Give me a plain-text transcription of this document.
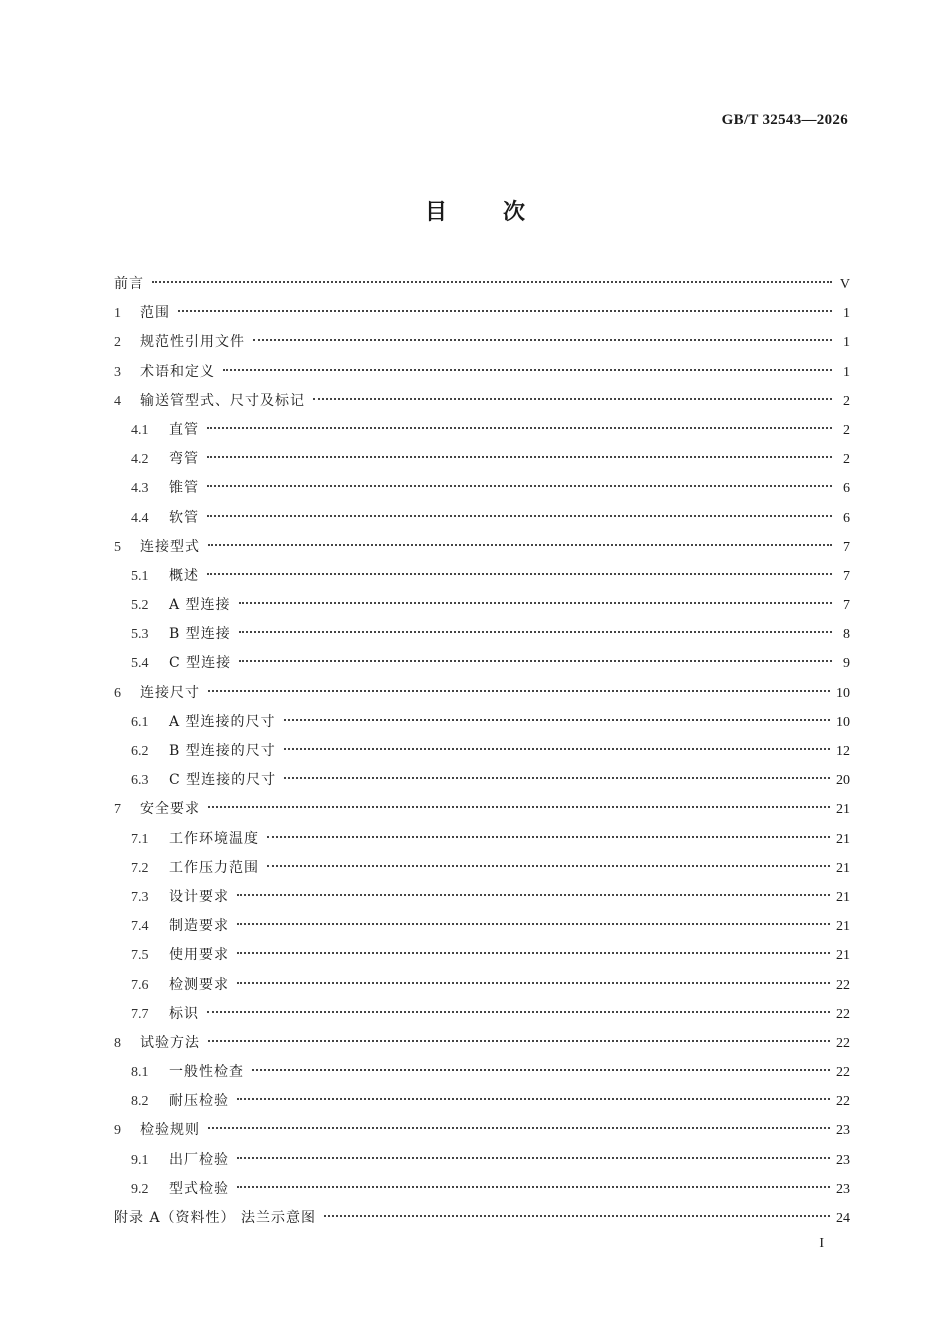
GB/T 32543—2026
目次
前言	V
1	范围	1
2	规范性引用文件	1
3	术语和定义	1
4	输送管型式、尺寸及标记	2
4.1	直管	2
4.2	弯管	2
4.3	锥管	6
4.4	软管	6
5	连接型式	7
5.1	概述	7
5.2	A 型连接	7
5.3	B 型连接	8
5.4	C 型连接	9
6	连接尺寸	10
6.1	A 型连接的尺寸	10
6.2	B 型连接的尺寸	12
6.3	C 型连接的尺寸	20
7	安全要求	21
7.1	工作环境温度	21
7.2	工作压力范围	21
7.3	设计要求	21
7.4	制造要求	21
7.5	使用要求	21
7.6	检测要求	22
7.7	标识	22
8	试验方法	22
8.1	一般性检查	22
8.2	耐压检验	22
9	检验规则	23
9.1	出厂检验	23
9.2	型式检验	23
附录 A（资料性） 法兰示意图	24
I
